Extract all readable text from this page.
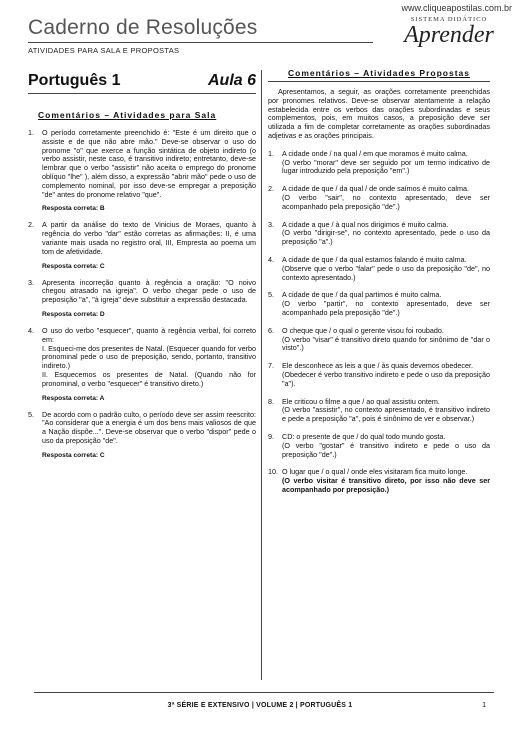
www.cliqueapostilas.com.br
Caderno de Resoluções
ATIVIDADES PARA SALA E PROPOSTAS
SISTEMA DIDÁTICO
Aprender
Português 1	Aula 6
Comentários – Atividades para Sala
1.	O período corretamente preenchido é: "Este é um direito que o assiste e de que não abre mão." Deve-se observar o uso do pronome "o" que exerce a função sintática de objeto indireto (o verbo assistir, neste caso, é transitivo indireto; entretanto, deve-se lembrar que o verbo "assistir" não aceita o emprego do pronome oblíquo "lhe" ), além disso, a expressão "abrir mão" pede o uso de complemento nominal, por isso deve-se empregar a preposição "de" antes do pronome relativo "que".
Resposta correta: B
2.	A partir da análise do texto de Vinicius de Moraes, quanto à regência do verbo "dar" estão corretas as afirmações: II, é uma variante mais usada no registro oral, III, Empresta ao poema um tom de afetividade.
Resposta correta: C
3.	Apresenta incorreção quanto à regência a oração: "O noivo chegou atrasado na igreja". O verbo chegar pede o uso de preposição "a", "à igreja" deve substituir a expressão destacada.
Resposta correta: D
4.	O uso do verbo "esquecer", quanto à regência verbal, foi correto em:
I. Esqueci-me dos presentes de Natal. (Esquecer quando for verbo pronominal pede o uso de preposição, sendo, portanto, transitivo indireto.)
II. Esquecemos os presentes de Natal. (Quando não for pronominal, o verbo "esquecer" é transitivo direto.)
Resposta correta: A
5.	De acordo com o padrão culto, o período deve ser assim reescrito: "Ao considerar que a energia é um dos bens mais valiosos de que a Nação dispõe...". Deve-se observar que o verbo "dispor" pede o uso da preposição "de".
Resposta correta: C
Comentários – Atividades Propostas
Apresentamos, a seguir, as orações corretamente preenchidas por pronomes relativos. Deve-se observar atentamente a relação estabelecida entre os verbos das orações subordinadas e seus complementos, pois, em muitos casos, a preposição deve ser utilizada a fim de completar corretamente as orações subordinadas adjetivas e as orações principais.
1.	A cidade onde / na qual / em que moramos é muito calma.
(O verbo "morar" deve ser seguido por um termo indicativo de lugar introduzido pela preposição "em".)
2.	A cidade de que / da qual / de onde saímos é muito calma.
(O verbo "sair", no contexto apresentado, deve ser acompanhado pela preposição "de".)
3.	A cidade a que / à qual nos dirigimos é muito calma.
(O verbo "dirigir-se", no contexto apresentado, pede o uso da preposição "a".)
4.	A cidade de que / da qual estamos falando é muito calma.
(Observe que o verbo "falar" pede o uso da preposição "de", no contexto apresentado.)
5.	A cidade de que / da qual partimos é muito calma.
(O verbo "partir", no contexto apresentado, deve ser acompanhado pela preposição "de".)
6.	O cheque que / o qual o gerente visou foi roubado.
(O verbo "visar" é transitivo direto quando for sinônimo de "dar o visto".)
7.	Ele desconhece as leis a que / às quais devemos obedecer.
(Obedecer é verbo transitivo indireto e pede o uso da preposição "a").
8.	Ele criticou o filme a que / ao qual assistiu ontem.
(O verbo "assistir", no contexto apresentado, é transitivo indireto e pede a preposição "a", pois é sinônimo de ver e observar.)
9.	CD: o presente de que / do qual todo mundo gosta.
(O verbo "gostar" é transitivo indireto e pede o uso da preposição "de".)
10. O lugar que / o qual / onde eles visitaram fica muito longe.
(O verbo visitar é transitivo direto, por isso não deve ser acompanhado por preposição.)
3ª SÉRIE E EXTENSIVO | VOLUME 2 | PORTUGUÊS 1	1
